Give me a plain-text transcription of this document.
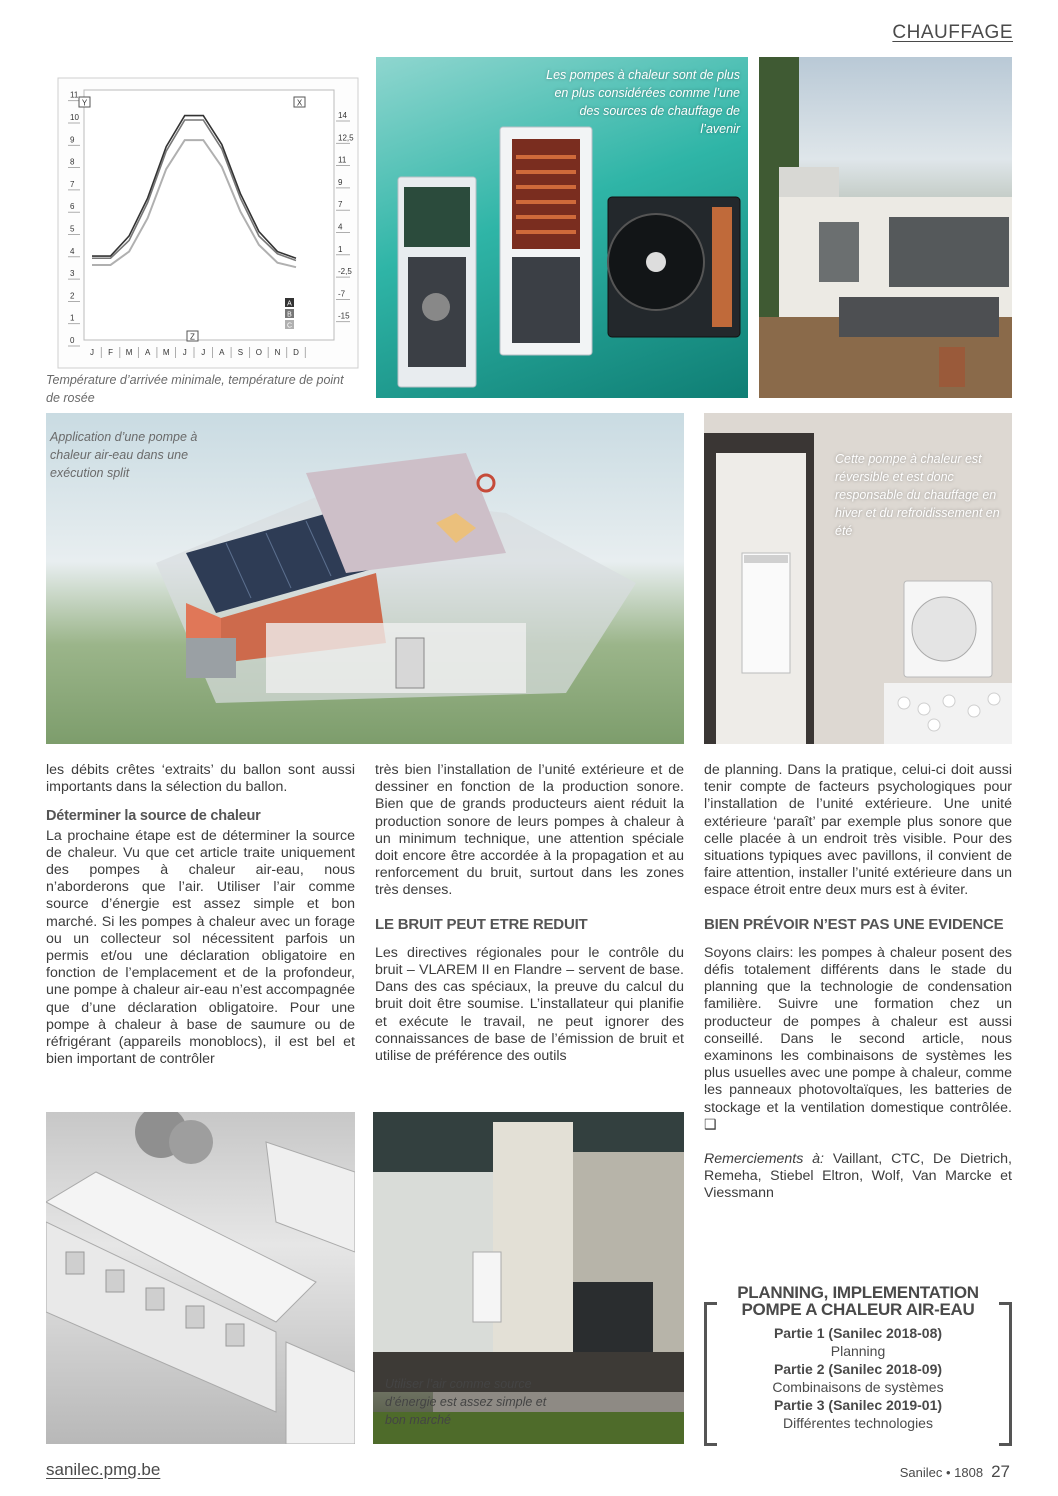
CHAUFFAGE
0
1
2
3
4
5
6
7
8
9
10
11
14
12,5
11
9
7
4
1
-2,5
-7
-15
J F M A M J J A S O N D
Y	X
Z
A
B
C
Température d’arrivée minimale, température de point de rosée
Les pompes à chaleur sont de plus en plus considérées comme l’une des sources de chauffage de l’avenir
Application d’une pompe à chaleur air-eau dans une exécution split
Cette pompe à chaleur est réversible et est donc responsable du chauffage en hiver et du refroidissement en été

les débits crêtes ‘extraits’ du ballon sont aussi importants dans la sélection du ballon.

Déterminer la source de chaleur

La prochaine étape est de déterminer la source de chaleur. Vu que cet article traite uniquement des pompes à chaleur air-eau, nous n’aborderons que l’air. Utiliser l’air comme source d’énergie est assez simple et bon marché. Si les pompes à chaleur avec un forage ou un collecteur sol nécessitent parfois un permis et/ou une déclaration obligatoire en fonction de l’emplacement et de la profondeur, une pompe à chaleur air-eau n’est accompagnée que d’une déclaration obligatoire. Pour une pompe à chaleur à base de saumure ou de réfrigérant (appareils monoblocs), il est bel et bien important de contrôler

très bien l’installation de l’unité extérieure et de dessiner en fonction de la production sonore. Bien que de grands producteurs aient réduit la production sonore de leurs pompes à chaleur à un minimum technique, une attention spéciale doit encore être accordée à la propagation et au renforcement du bruit, surtout dans les zones très denses.

LE BRUIT PEUT ETRE REDUIT

Les directives régionales pour le contrôle du bruit – VLAREM II en Flandre – servent de base. Dans des cas spéciaux, la preuve du calcul du bruit doit être soumise. L’installateur qui planifie et exécute le travail, ne peut ignorer des connaissances de base de l’émission de bruit et utilise de préférence des outils

de planning. Dans la pratique, celui-ci doit aussi tenir compte de facteurs psychologiques pour l’installation de l’unité extérieure. Une unité extérieure ‘paraît’ par exemple plus sonore que celle placée à un endroit très visible. Pour des situations typiques avec pavillons, il convient de faire attention, installer l’unité extérieure dans un espace étroit entre deux murs est à éviter.

BIEN PRÉVOIR N’EST PAS UNE EVIDENCE

Soyons clairs: les pompes à chaleur posent des défis totalement différents dans le stade du planning que la technologie de condensation familière. Suivre une formation chez un producteur de pompes à chaleur est aussi conseillé. Dans le second article, nous examinons les combinaisons de systèmes les plus usuelles avec une pompe à chaleur, comme les panneaux photovoltaïques, les batteries de stockage et la ventilation domestique contrôlée. ❑

Remerciements à: Vaillant, CTC, De Dietrich, Remeha, Stiebel Eltron, Wolf, Van Marcke et Viessmann

Utiliser l’air comme source d’énergie est assez simple et bon marché
PLANNING, IMPLEMENTATION
POMPE A CHALEUR AIR-EAU
Partie 1 (Sanilec 2018-08)
Planning
Partie 2 (Sanilec 2018-09)
Combinaisons de systèmes
Partie 3 (Sanilec 2019-01)
Différentes technologies
sanilec.pmg.be	Sanilec • 1808 27
